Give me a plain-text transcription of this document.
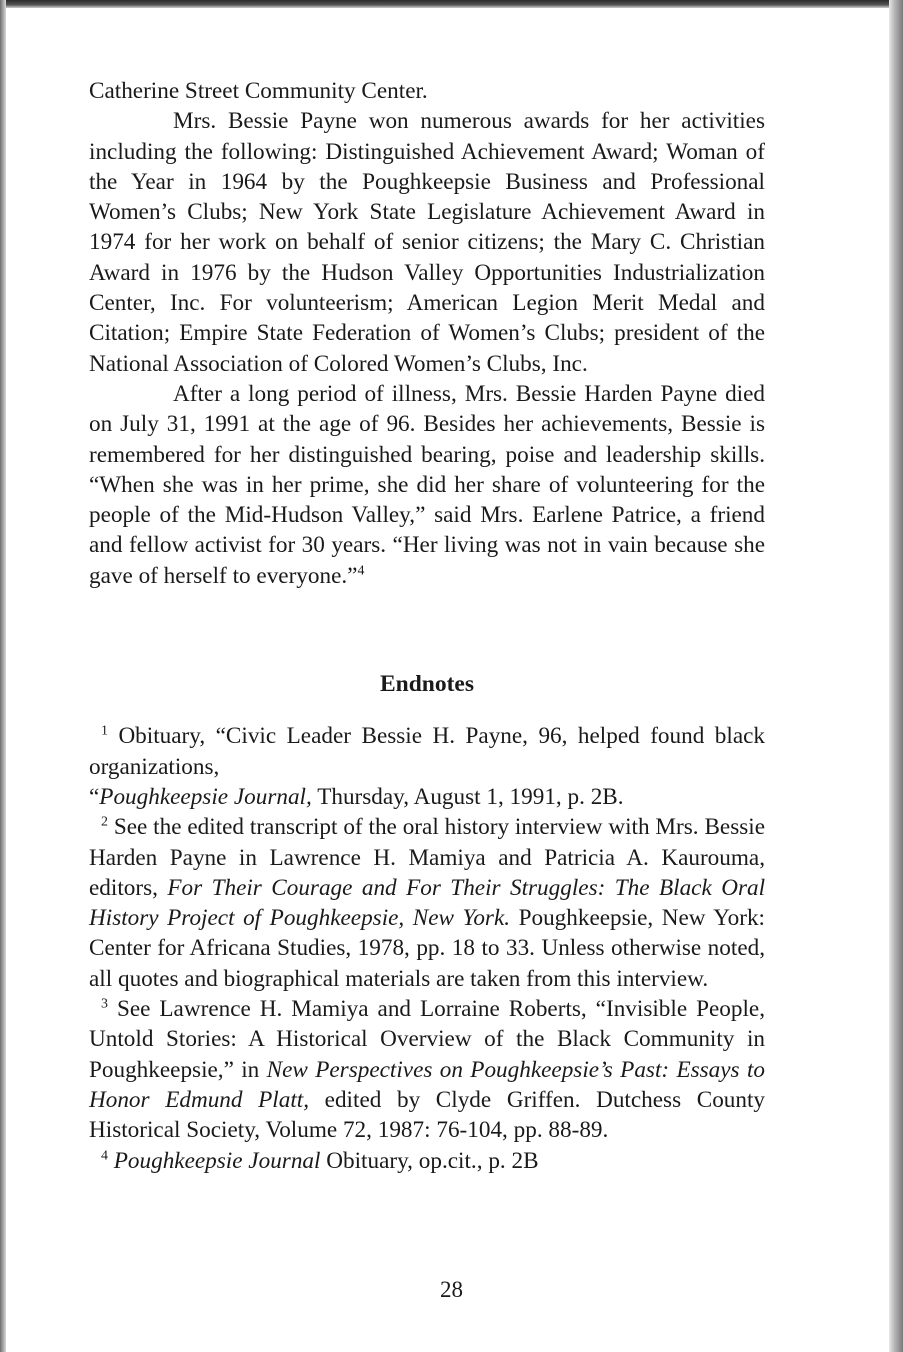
Catherine Street Community Center.

Mrs. Bessie Payne won numerous awards for her activities including the following: Distinguished Achievement Award; Woman of the Year in 1964 by the Poughkeepsie Business and Professional Women’s Clubs; New York State Legislature Achievement Award in 1974 for her work on behalf of senior citizens; the Mary C. Christian Award in 1976 by the Hudson Valley Opportunities Industrialization Center, Inc. For volunteerism; American Legion Merit Medal and Citation; Empire State Federation of Women’s Clubs; president of the National Association of Colored Women’s Clubs, Inc.

After a long period of illness, Mrs. Bessie Harden Payne died on July 31, 1991 at the age of 96. Besides her achievements, Bessie is remembered for her distinguished bearing, poise and leadership skills. “When she was in her prime, she did her share of volunteering for the people of the Mid-Hudson Valley,” said Mrs. Earlene Patrice, a friend and fellow activist for 30 years. “Her living was not in vain because she gave of herself to everyone.”$^4$

Endnotes

$^1$ Obituary, “Civic Leader Bessie H. Payne, 96, helped found black organizations,

“Poughkeepsie Journal, Thursday, August 1, 1991, p. 2B.

$^2$ See the edited transcript of the oral history interview with Mrs. Bessie Harden Payne in Lawrence H. Mamiya and Patricia A. Kaurouma, editors, For Their Courage and For Their Struggles: The Black Oral History Project of Poughkeepsie, New York. Poughkeepsie, New York: Center for Africana Studies, 1978, pp. 18 to 33. Unless otherwise noted, all quotes and biographical materials are taken from this interview.

$^3$ See Lawrence H. Mamiya and Lorraine Roberts, “Invisible People, Untold Stories: A Historical Overview of the Black Community in Poughkeepsie,” in New Perspectives on Poughkeepsie’s Past: Essays to Honor Edmund Platt, edited by Clyde Griffen. Dutchess County Historical Society, Volume 72, 1987: 76-104, pp. 88-89.

$^4$ Poughkeepsie Journal Obituary, op.cit., p. 2B

28
